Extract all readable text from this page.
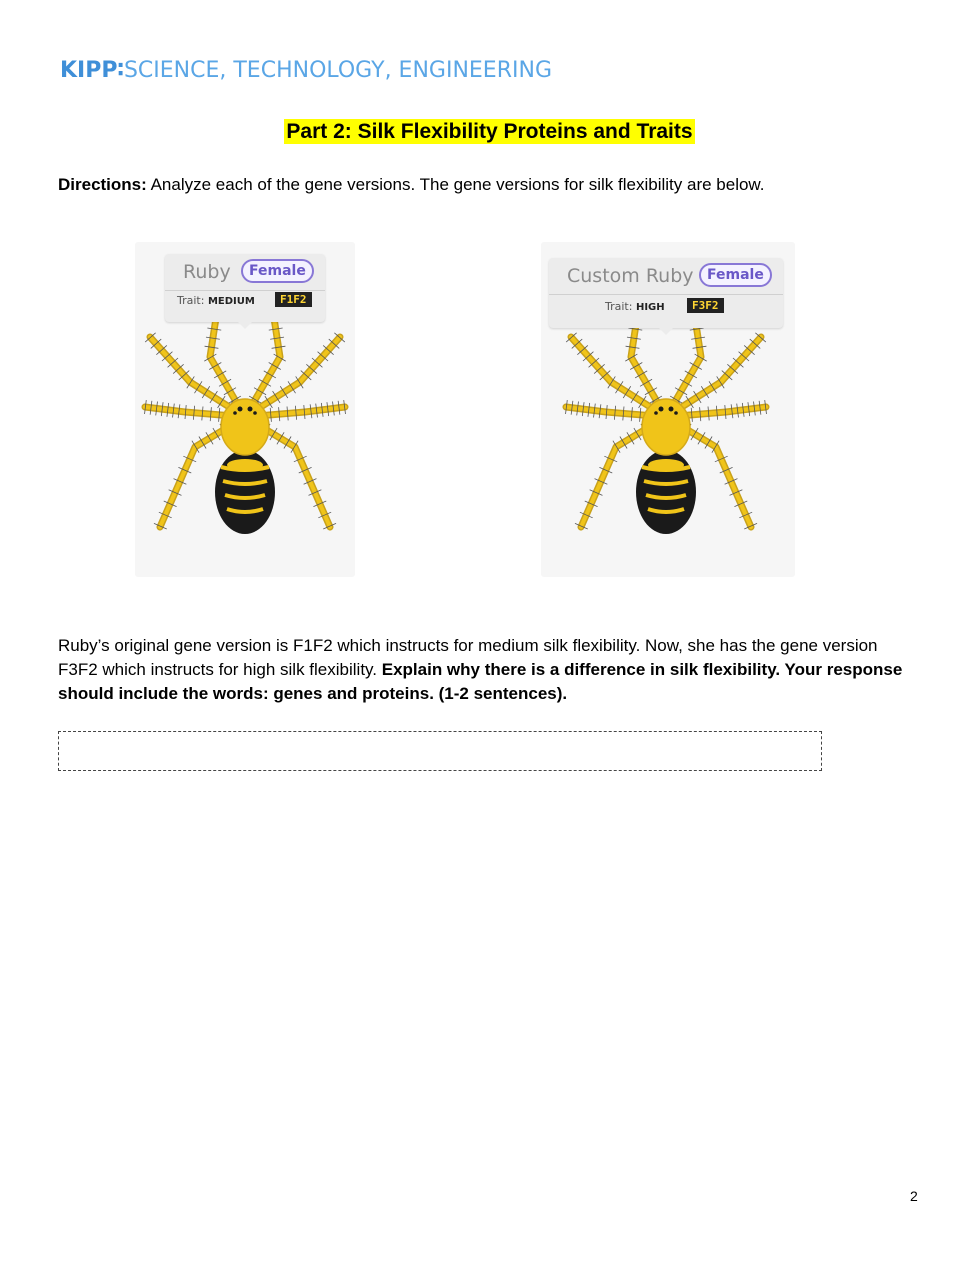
KIPP∶SCIENCE, TECHNOLOGY, ENGINEERING
Part 2: Silk Flexibility Proteins and Traits
Directions: Analyze each of the gene versions. The gene versions for silk flexibility are below.
Ruby	Female
Trait: MEDIUM	F1F2
Custom Ruby Female
Trait: HIGH	F3F2
Ruby’s original gene version is F1F2 which instructs for medium silk flexibility. Now, she has the gene version F3F2 which instructs for high silk flexibility. Explain why there is a difference in silk flexibility. Your response should include the words: genes and proteins. (1-2 sentences).
2
